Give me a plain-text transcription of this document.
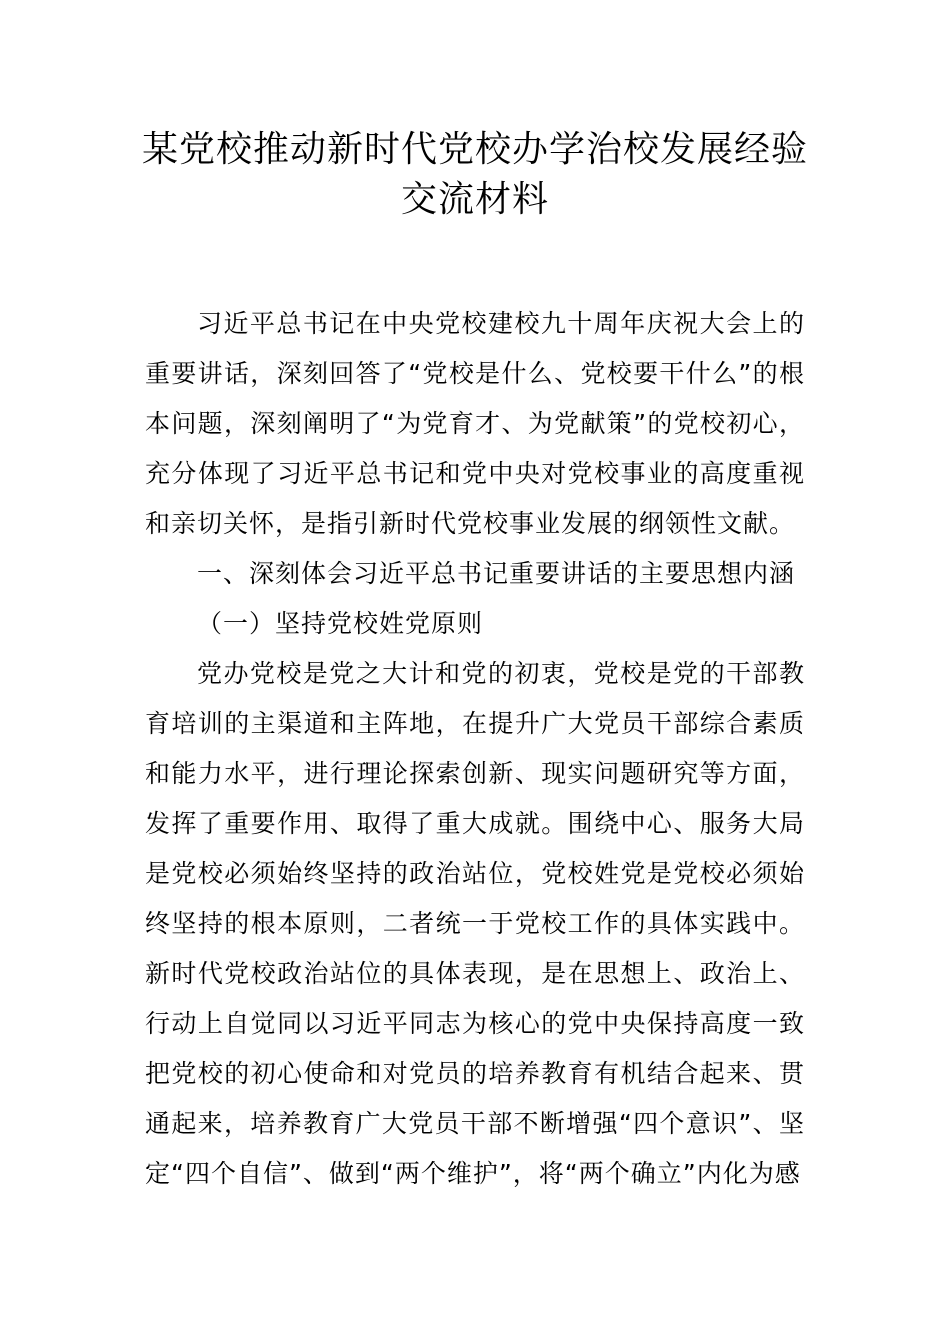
某党校推动新时代党校办学治校发展经验
交流材料

习近平总书记在中央党校建校九十周年庆祝大会上的重要讲话，深刻回答了“党校是什么、党校要干什么”的根本问题，深刻阐明了“为党育才、为党献策”的党校初心，充分体现了习近平总书记和党中央对党校事业的高度重视和亲切关怀，是指引新时代党校事业发展的纲领性文献。

一、深刻体会习近平总书记重要讲话的主要思想内涵

（一）坚持党校姓党原则

党办党校是党之大计和党的初衷，党校是党的干部教育培训的主渠道和主阵地，在提升广大党员干部综合素质和能力水平，进行理论探索创新、现实问题研究等方面，发挥了重要作用、取得了重大成就。围绕中心、服务大局是党校必须始终坚持的政治站位，党校姓党是党校必须始终坚持的根本原则，二者统一于党校工作的具体实践中。新时代党校政治站位的具体表现，是在思想上、政治上、行动上自觉同以习近平同志为核心的党中央保持高度一致把党校的初心使命和对党员的培养教育有机结合起来、贯通起来，培养教育广大党员干部不断增强“四个意识”、坚定“四个自信”、做到“两个维护”，将“两个确立”内化为感
